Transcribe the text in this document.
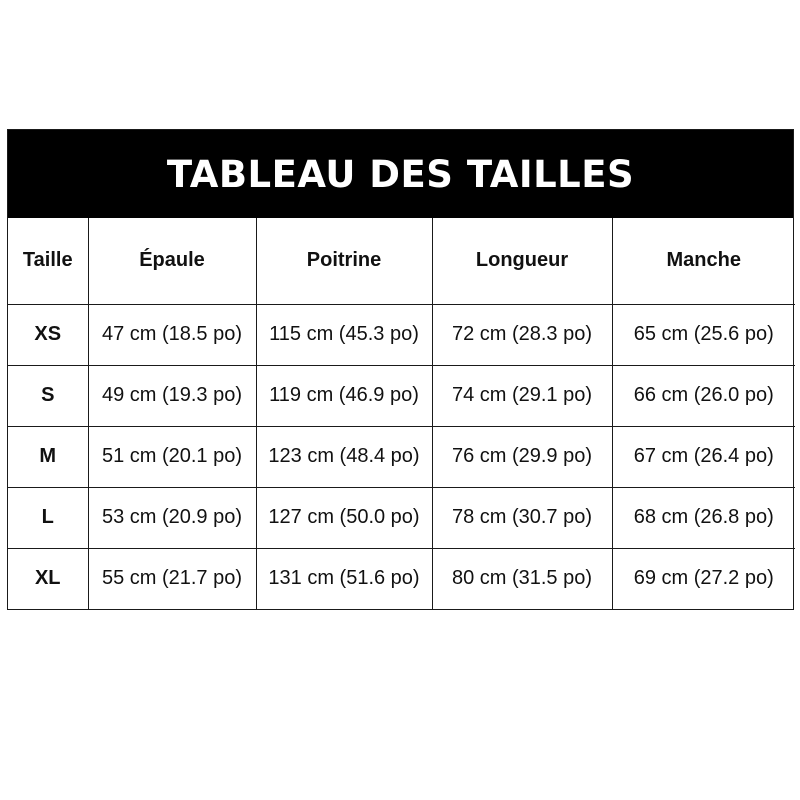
TABLEAU DES TAILLES
Taille	Épaule	Poitrine	Longueur	Manche
XS	47 cm (18.5 po)	115 cm (45.3 po)	72 cm (28.3 po)	65 cm (25.6 po)
S	49 cm (19.3 po)	119 cm (46.9 po)	74 cm (29.1 po)	66 cm (26.0 po)
M	51 cm (20.1 po)	123 cm (48.4 po)	76 cm (29.9 po)	67 cm (26.4 po)
L	53 cm (20.9 po)	127 cm (50.0 po)	78 cm (30.7 po)	68 cm (26.8 po)
XL	55 cm (21.7 po)	131 cm (51.6 po)	80 cm (31.5 po)	69 cm (27.2 po)
